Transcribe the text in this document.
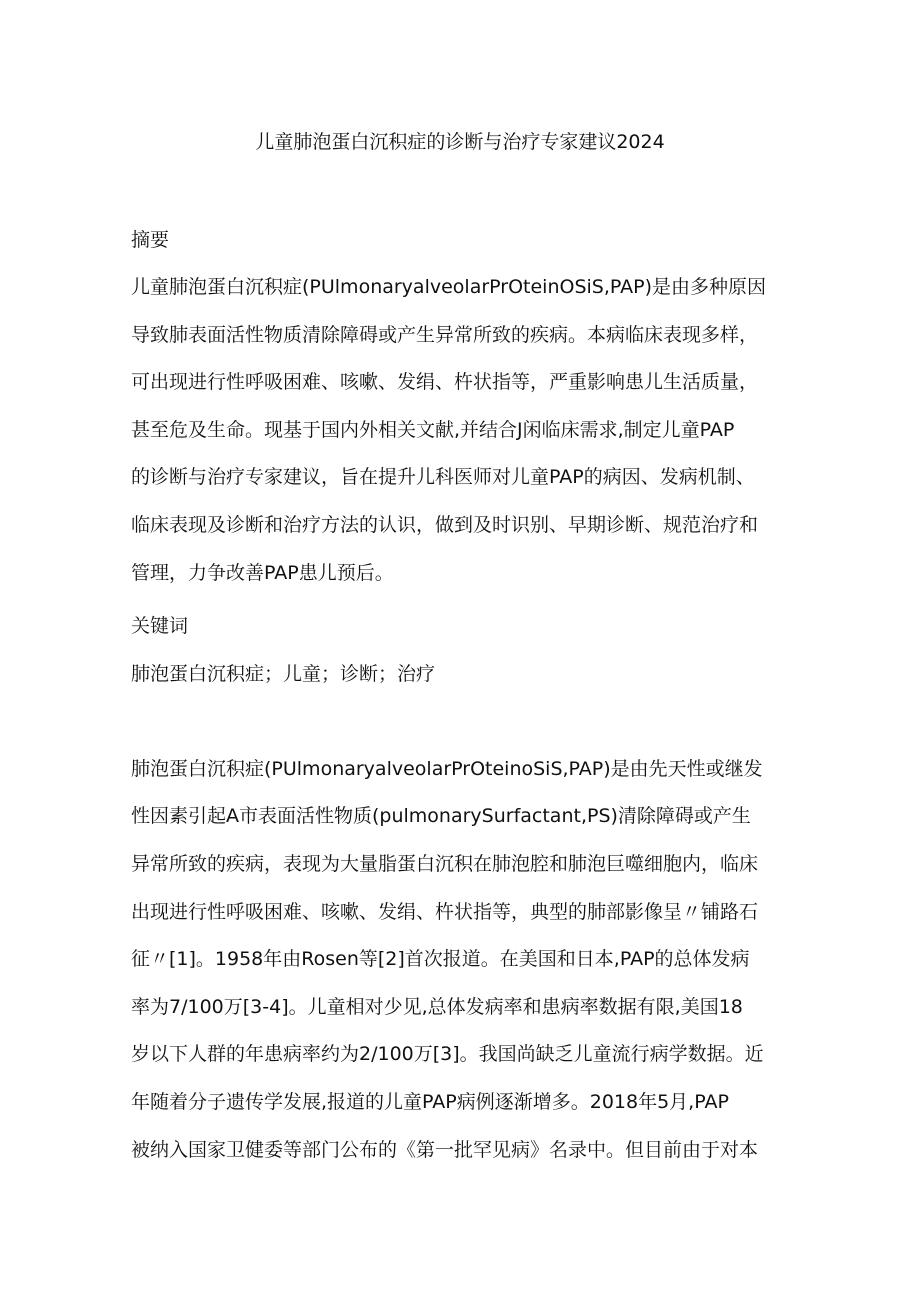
儿童肺泡蛋白沉积症的诊断与治疗专家建议2024
摘要
儿童肺泡蛋白沉积症(PUlmonaryalveolarPrOteinOSiS,PAP)是由多种原因
导致肺表面活性物质清除障碍或产生异常所致的疾病。本病临床表现多样，
可出现进行性呼吸困难、咳嗽、发绢、杵状指等，严重影响患儿生活质量，
甚至危及生命。现基于国内外相关文献,并结合J闲临床需求,制定儿童PAP
的诊断与治疗专家建议，旨在提升儿科医师对儿童PAP的病因、发病机制、
临床表现及诊断和治疗方法的认识，做到及时识别、早期诊断、规范治疗和
管理，力争改善PAP患儿预后。
关键词
肺泡蛋白沉积症；儿童；诊断；治疗
肺泡蛋白沉积症(PUlmonaryalveolarPrOteinoSiS,PAP)是由先天性或继发
性因素引起A市表面活性物质(pulmonarySurfactant,PS)清除障碍或产生
异常所致的疾病，表现为大量脂蛋白沉积在肺泡腔和肺泡巨噬细胞内，临床
出现进行性呼吸困难、咳嗽、发绢、杵状指等，典型的肺部影像呈〃铺路石
征〃[1]。1958年由Rosen等[2]首次报道。在美国和日本,PAP的总体发病
率为7/100万[3-4]。儿童相对少见,总体发病率和患病率数据有限,美国18
岁以下人群的年患病率约为2/100万[3]。我国尚缺乏儿童流行病学数据。近
年随着分子遗传学发展,报道的儿童PAP病例逐渐增多。2018年5月,PAP
被纳入国家卫健委等部门公布的《第一批罕见病》名录中。但目前由于对本
